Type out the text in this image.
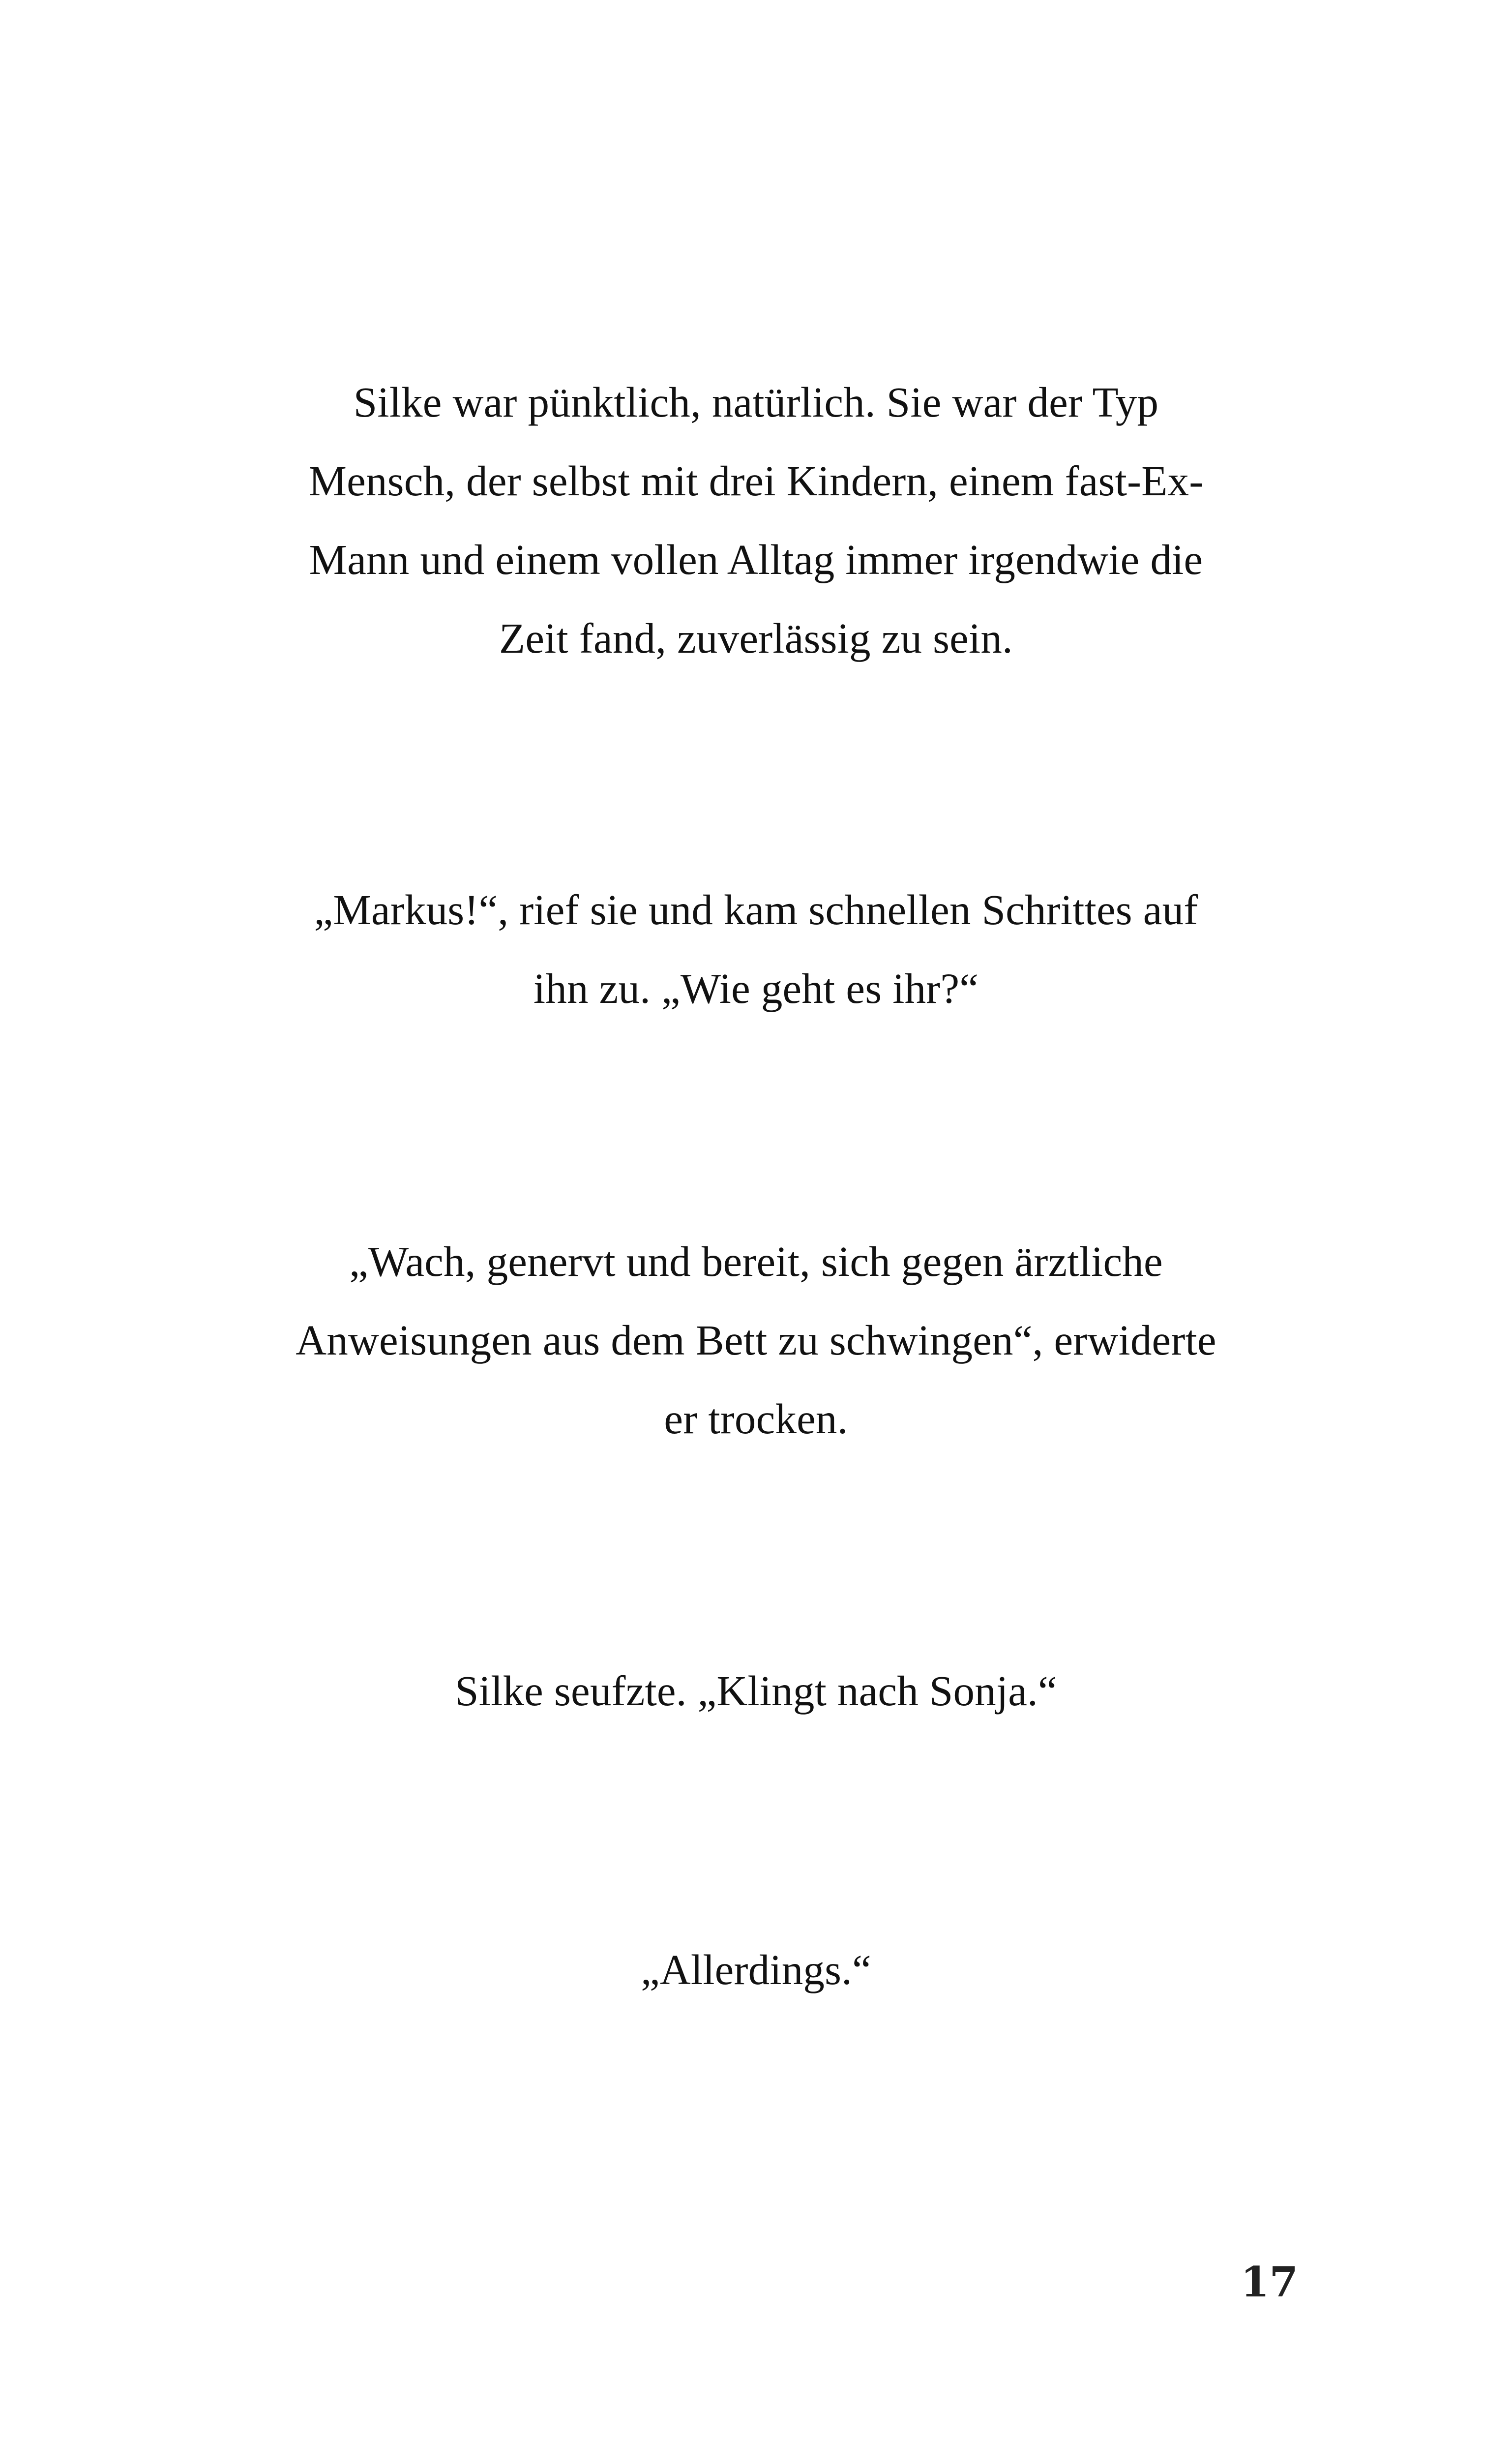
Silke war pünktlich, natürlich. Sie war der Typ
Mensch, der selbst mit drei Kindern, einem fast-Ex-
Mann und einem vollen Alltag immer irgendwie die
Zeit fand, zuverlässig zu sein.

„Markus!“, rief sie und kam schnellen Schrittes auf
ihn zu. „Wie geht es ihr?“

„Wach, genervt und bereit, sich gegen ärztliche
Anweisungen aus dem Bett zu schwingen“, erwiderte
er trocken.

Silke seufzte. „Klingt nach Sonja.“

„Allerdings.“

17
